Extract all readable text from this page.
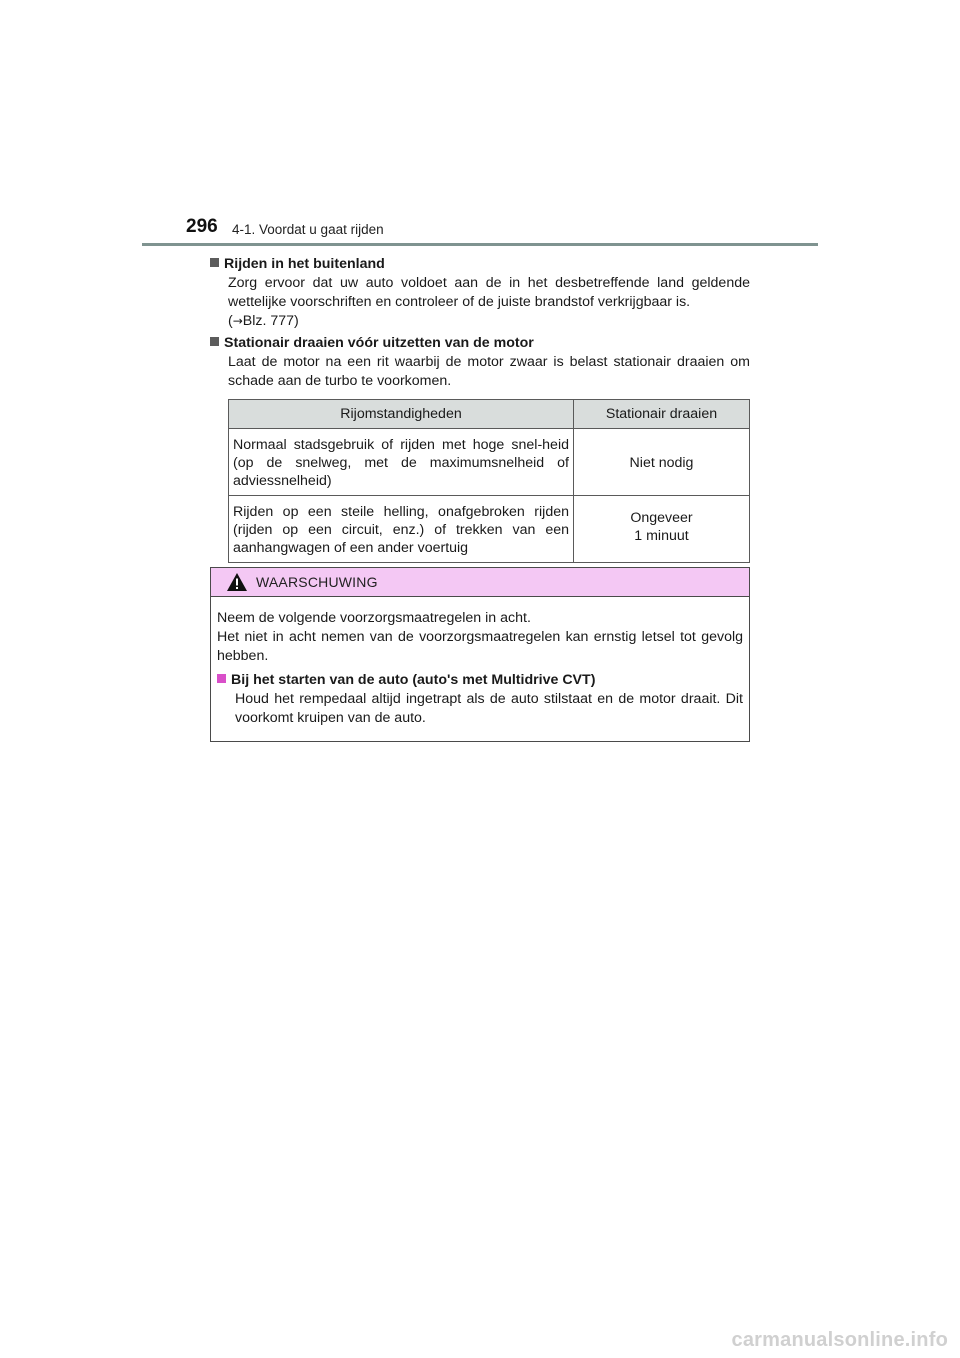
296 4-1. Voordat u gaat rijden
Rijden in het buitenland
Zorg ervoor dat uw auto voldoet aan de in het desbetreffende land geldende wettelijke voorschriften en controleer of de juiste brandstof verkrijgbaar is.
(→Blz. 777)
Stationair draaien vóór uitzetten van de motor
Laat de motor na een rit waarbij de motor zwaar is belast stationair draaien om schade aan de turbo te voorkomen.
Rijomstandigheden	Stationair draaien
Normaal stadsgebruik of rijden met hoge snel-heid (op de snelweg, met de maximumsnelheid of adviessnelheid)	Niet nodig
Rijden op een steile helling, onafgebroken rijden (rijden op een circuit, enz.) of trekken van een aanhangwagen of een ander voertuig	Ongeveer
1 minuut
WAARSCHUWING

Neem de volgende voorzorgsmaatregelen in acht.

Het niet in acht nemen van de voorzorgsmaatregelen kan ernstig letsel tot gevolg hebben.

Bij het starten van de auto (auto's met Multidrive CVT)

Houd het rempedaal altijd ingetrapt als de auto stilstaat en de motor draait. Dit voorkomt kruipen van de auto.

carmanualsonline.info
